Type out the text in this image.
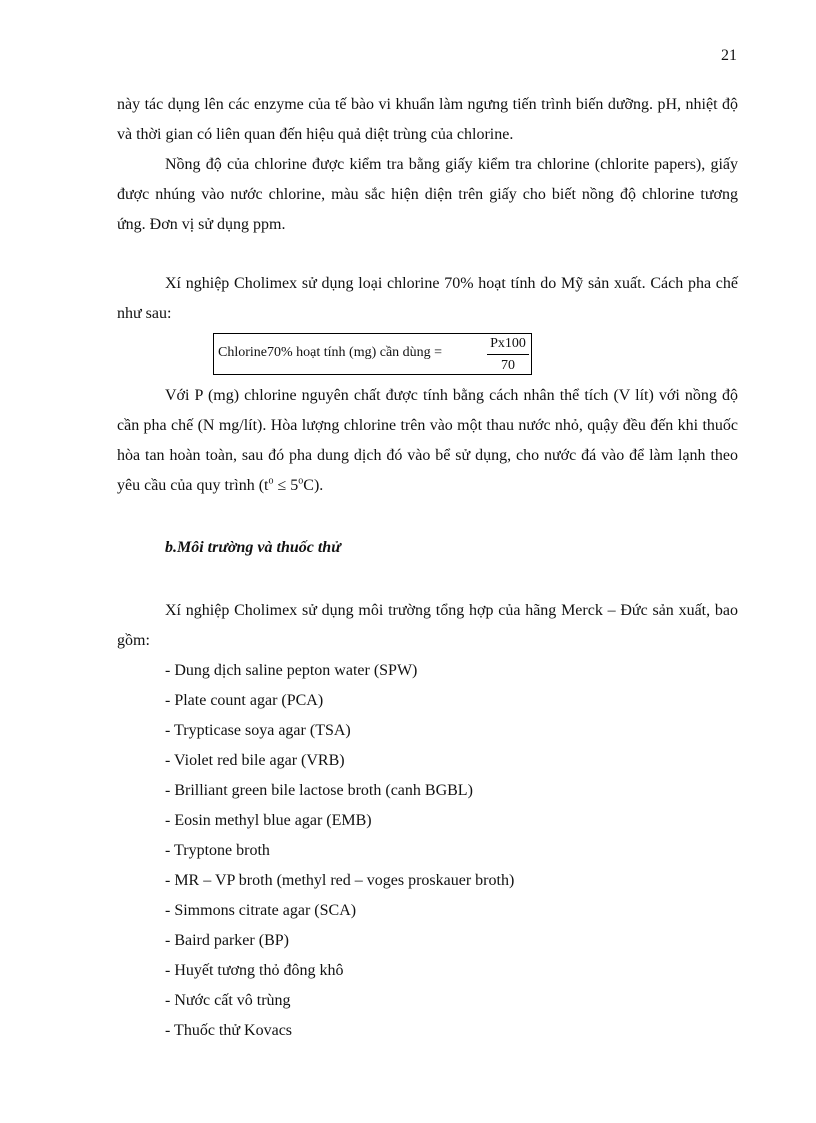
21

này tác dụng lên các enzyme của tế bào vi khuẩn làm ngưng tiến trình biến dưỡng. pH, nhiệt độ và thời gian có liên quan đến hiệu quả diệt trùng của chlorine.

Nồng độ của chlorine được kiểm tra bằng giấy kiểm tra chlorine (chlorite papers), giấy được nhúng vào nước chlorine, màu sắc hiện diện trên giấy cho biết nồng độ chlorine tương ứng. Đơn vị sử dụng ppm.

Xí nghiệp Cholimex sử dụng loại chlorine 70% hoạt tính do Mỹ sản xuất. Cách pha chế như sau:

Chlorine70% hoạt tính (mg) cần dùng =	$\frac{Px100}{70}$

Với P (mg) chlorine nguyên chất được tính bằng cách nhân thể tích (V lít) với nồng độ cần pha chế (N mg/lít). Hòa lượng chlorine trên vào một thau nước nhỏ, quậy đều đến khi thuốc hòa tan hoàn toàn, sau đó pha dung dịch đó vào bể sử dụng, cho nước đá vào để làm lạnh theo yêu cầu của quy trình $(t^o \le 5^oC)$.

b.Môi trường và thuốc thử

Xí nghiệp Cholimex sử dụng môi trường tổng hợp của hãng Merck – Đức sản xuất, bao gồm:

- Dung dịch saline pepton water (SPW)
- Plate count agar (PCA)
- Trypticase soya agar (TSA)
- Violet red bile agar (VRB)
- Brilliant green bile lactose broth (canh BGBL)
- Eosin methyl blue agar (EMB)
- Tryptone broth
- MR – VP broth (methyl red – voges proskauer broth)
- Simmons citrate agar (SCA)
- Baird parker (BP)
- Huyết tương thỏ đông khô
- Nước cất vô trùng
- Thuốc thử Kovacs
